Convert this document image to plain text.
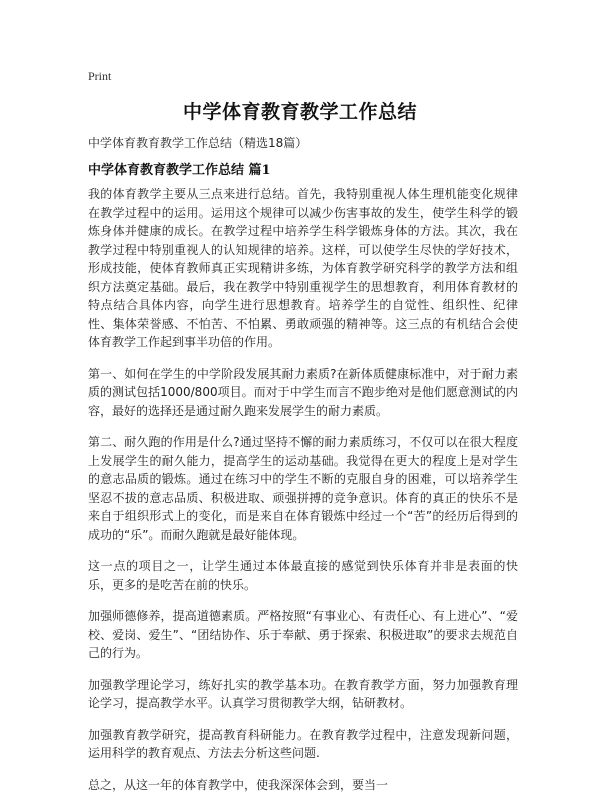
Print
中学体育教育教学工作总结
中学体育教育教学工作总结（精选18篇）
中学体育教育教学工作总结 篇1

我的体育教学主要从三点来进行总结。首先，我特别重视人体生理机能变化规律在教学过程中的运用。运用这个规律可以减少伤害事故的发生，使学生科学的锻炼身体并健康的成长。在教学过程中培养学生科学锻炼身体的方法。其次，我在教学过程中特别重视人的认知规律的培养。这样，可以使学生尽快的学好技术，形成技能，使体育教师真正实现精讲多练，为体育教学研究科学的教学方法和组织方法奠定基础。最后，我在教学中特别重视学生的思想教育，利用体育教材的特点结合具体内容，向学生进行思想教育。培养学生的自觉性、组织性、纪律性、集体荣誉感、不怕苦、不怕累、勇敢顽强的精神等。这三点的有机结合会使体育教学工作起到事半功倍的作用。

第一、如何在学生的中学阶段发展其耐力素质?在新体质健康标准中，对于耐力素质的测试包括1000/800项目。而对于中学生而言不跑步绝对是他们愿意测试的内容，最好的选择还是通过耐久跑来发展学生的耐力素质。

第二、耐久跑的作用是什么?通过坚持不懈的耐力素质练习，不仅可以在很大程度上发展学生的耐久能力，提高学生的运动基础。我觉得在更大的程度上是对学生的意志品质的锻炼。通过在练习中的学生不断的克服自身的困难，可以培养学生坚忍不拔的意志品质、积极进取、顽强拼搏的竞争意识。体育的真正的快乐不是来自于组织形式上的变化，而是来自在体育锻炼中经过一个“苦”的经历后得到的成功的“乐”。而耐久跑就是最好能体现。

这一点的项目之一，让学生通过本体最直接的感觉到快乐体育并非是表面的快乐，更多的是吃苦在前的快乐。

加强师德修养，提高道德素质。严格按照“有事业心、有责任心、有上进心”、“爱校、爱岗、爱生”、“团结协作、乐于奉献、勇于探索、积极进取”的要求去规范自己的行为。

加强教学理论学习，练好扎实的教学基本功。在教育教学方面，努力加强教育理论学习，提高教学水平。认真学习贯彻教学大纲，钻研教材。

加强教育教学研究，提高教育科研能力。在教育教学过程中，注意发现新问题，运用科学的教育观点、方法去分析这些问题.

总之，从这一年的体育教学中，使我深深体会到，要当一
